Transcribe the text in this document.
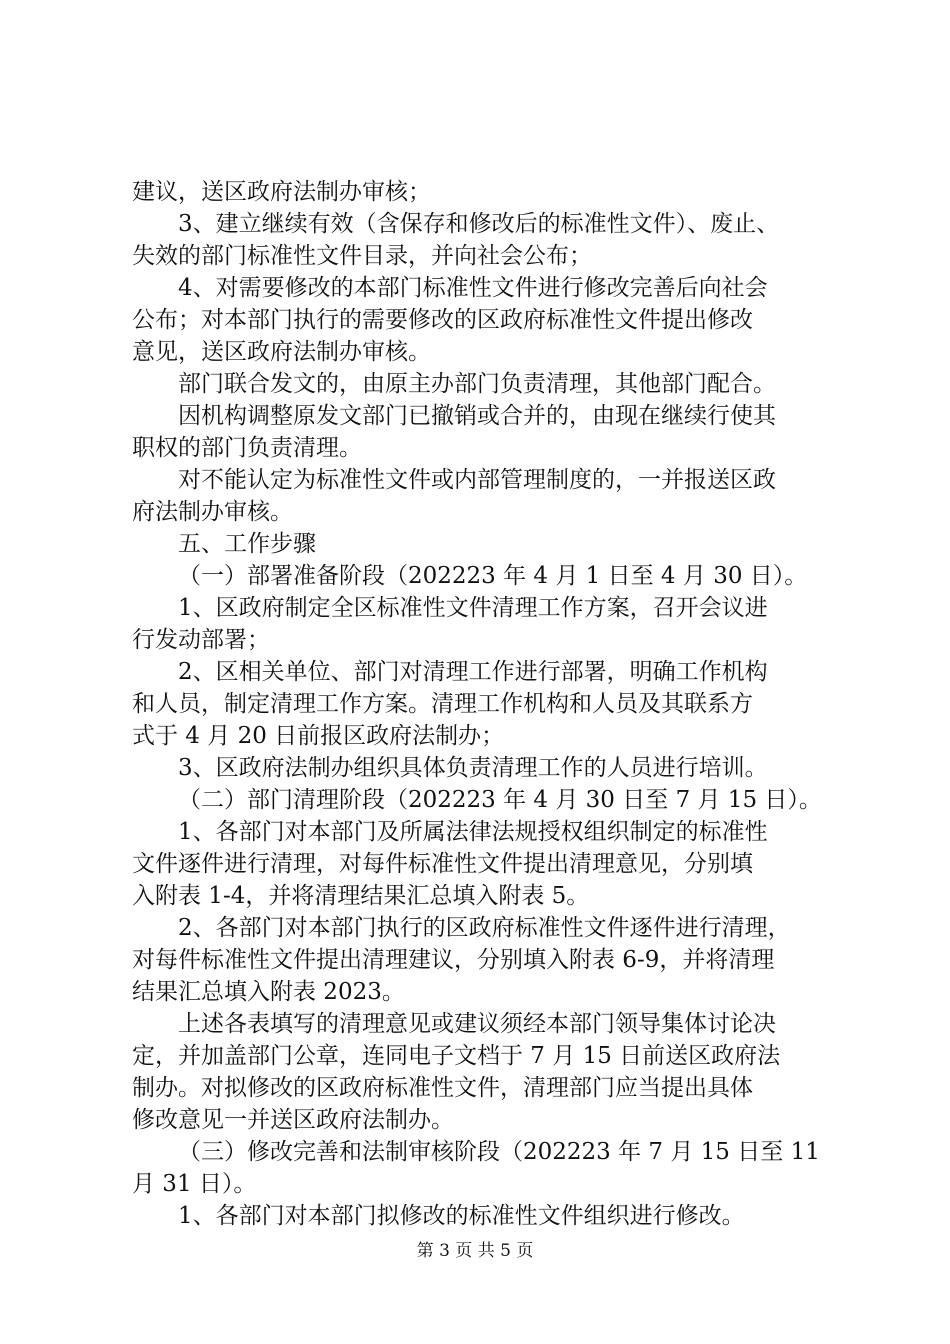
建议，送区政府法制办审核；
3、建立继续有效（含保存和修改后的标准性文件）、废止、
失效的部门标准性文件目录，并向社会公布；
4、对需要修改的本部门标准性文件进行修改完善后向社会
公布；对本部门执行的需要修改的区政府标准性文件提出修改
意见，送区政府法制办审核。
部门联合发文的，由原主办部门负责清理，其他部门配合。
因机构调整原发文部门已撤销或合并的，由现在继续行使其
职权的部门负责清理。
对不能认定为标准性文件或内部管理制度的，一并报送区政
府法制办审核。
五、工作步骤
（一）部署准备阶段（202223 年 4 月 1 日至 4 月 30 日）。
1、区政府制定全区标准性文件清理工作方案，召开会议进
行发动部署；
2、区相关单位、部门对清理工作进行部署，明确工作机构
和人员，制定清理工作方案。清理工作机构和人员及其联系方
式于 4 月 20 日前报区政府法制办；
3、区政府法制办组织具体负责清理工作的人员进行培训。
（二）部门清理阶段（202223 年 4 月 30 日至 7 月 15 日）。
1、各部门对本部门及所属法律法规授权组织制定的标准性
文件逐件进行清理，对每件标准性文件提出清理意见，分别填
入附表 1-4，并将清理结果汇总填入附表 5。
2、各部门对本部门执行的区政府标准性文件逐件进行清理，
对每件标准性文件提出清理建议，分别填入附表 6-9，并将清理
结果汇总填入附表 2023。
上述各表填写的清理意见或建议须经本部门领导集体讨论决
定，并加盖部门公章，连同电子文档于 7 月 15 日前送区政府法
制办。对拟修改的区政府标准性文件，清理部门应当提出具体
修改意见一并送区政府法制办。
（三）修改完善和法制审核阶段（202223 年 7 月 15 日至 11
月 31 日）。
1、各部门对本部门拟修改的标准性文件组织进行修改。
第 3 页 共 5 页
